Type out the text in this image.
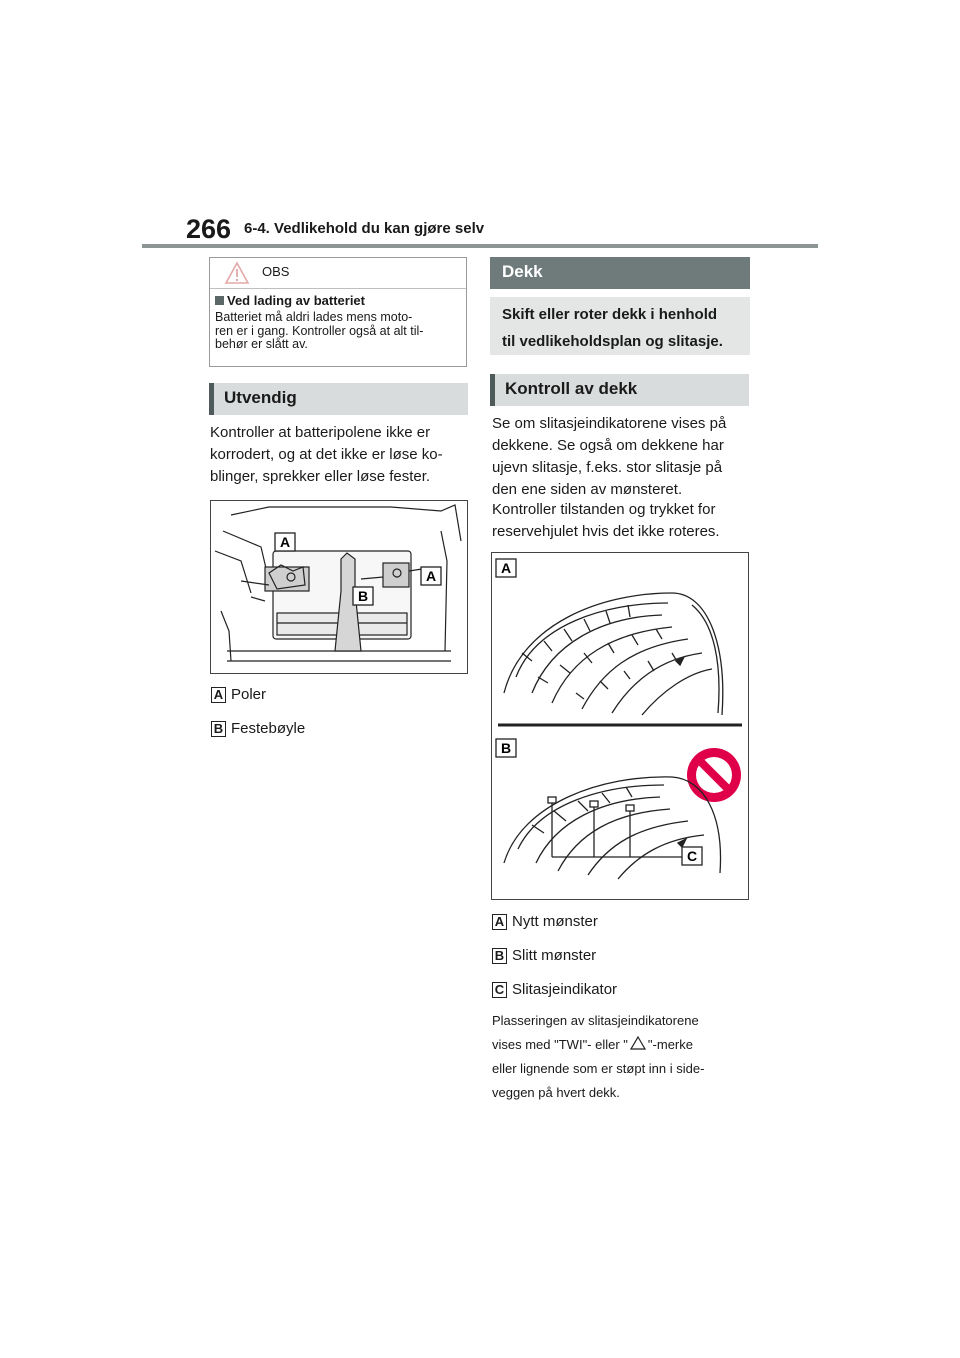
266 6-4. Vedlikehold du kan gjøre selv
OBS
Ved lading av batteriet
Batteriet må aldri lades mens moto-
ren er i gang. Kontroller også at alt til-
behør er slått av.
Utvendig
Kontroller at batteripolene ikke er
korrodert, og at det ikke er løse ko-
blinger, sprekker eller løse fester.
A
A
B
A Poler
B Festebøyle
Dekk
Skift eller roter dekk i henhold
til vedlikeholdsplan og slitasje.
Kontroll av dekk
Se om slitasjeindikatorene vises på
dekkene. Se også om dekkene har
ujevn slitasje, f.eks. stor slitasje på
den ene siden av mønsteret.
Kontroller tilstanden og trykket for
reservehjulet hvis det ikke roteres.
A
B
C
A Nytt mønster
B Slitt mønster
C Slitasjeindikator
Plasseringen av slitasjeindikatorene
vises med "TWI"- eller " "-merke
eller lignende som er støpt inn i side-
veggen på hvert dekk.
